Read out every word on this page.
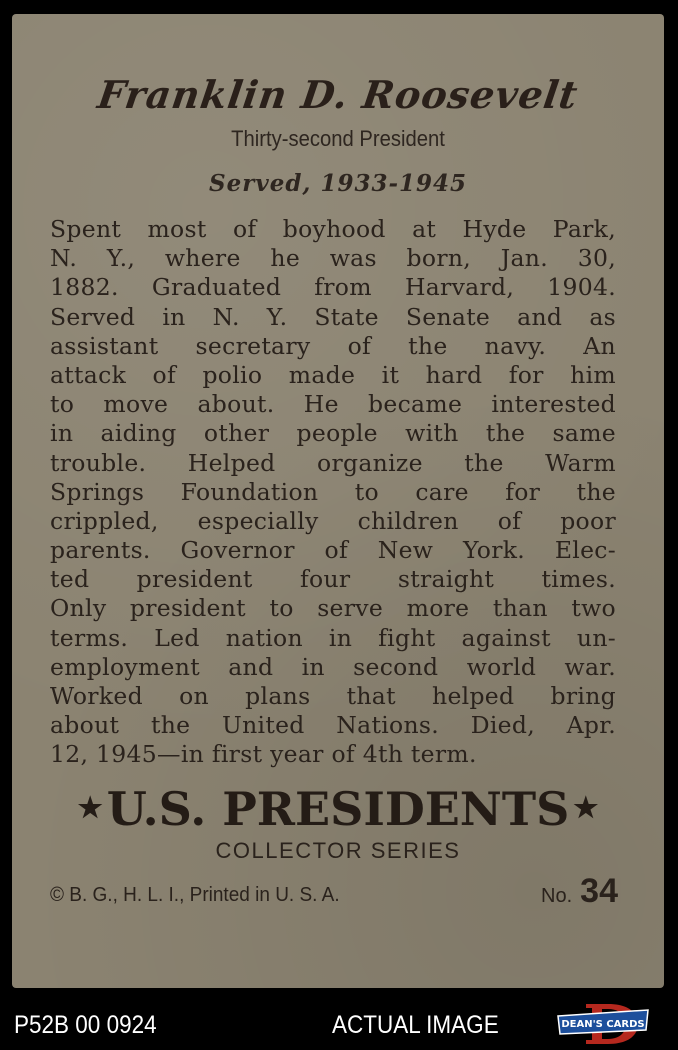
Franklin D. Roosevelt
Thirty-second President
Served, 1933-1945
Spent most of boyhood at Hyde Park,
N. Y., where he was born, Jan. 30,
1882. Graduated from Harvard, 1904.
Served in N. Y. State Senate and as
assistant secretary of the navy. An
attack of polio made it hard for him
to move about. He became interested
in aiding other people with the same
trouble. Helped organize the Warm
Springs Foundation to care for the
crippled, especially children of poor
parents. Governor of New York. Elec-
ted president four straight times.
Only president to serve more than two
terms. Led nation in fight against un-
employment and in second world war.
Worked on plans that helped bring
about the United Nations. Died, Apr.
12, 1945—in first year of 4th term.
★U.S. PRESIDENTS ★
COLLECTOR SERIES
© B. G., H. L. I., Printed in U. S. A.	No. 34
P52B 00 0924	ACTUAL IMAGE	DEAN'S CARDS
